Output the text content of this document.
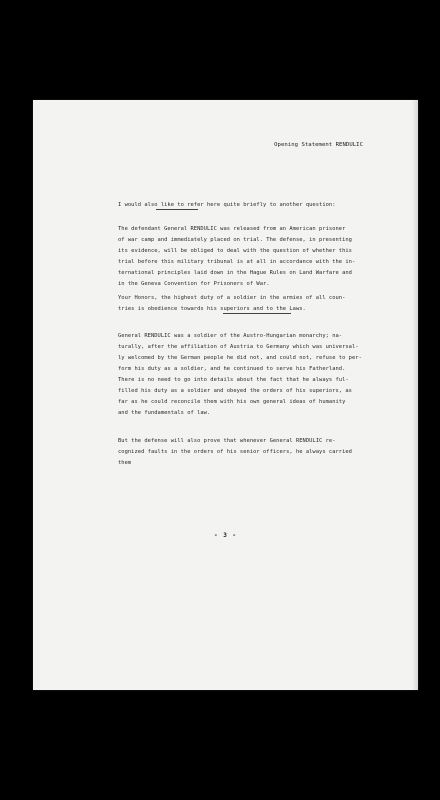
Opening Statement RENDULIC
I would also like to refer here quite briefly to another question:
The defendant General RENDULIC was released from an American prisoner
of war camp and immediately placed on trial. The defense, in presenting
its evidence, will be obliged to deal with the question of whether this
trial before this military tribunal is at all in accordance with the in-
ternational principles laid down in the Hague Rules on Land Warfare and
in the Geneva Convention for Prisoners of War.
Your Honors, the highest duty of a soldier in the armies of all coun-
tries is obedience towards his superiors and to the Laws.
General RENDULIC was a soldier of the Austro-Hungarian monarchy; na-
turally, after the affiliation of Austria to Germany which was universal-
ly welcomed by the German people he did not, and could not, refuse to per-
form his duty as a soldier, and he continued to serve his Fatherland.
There is no need to go into details about the fact that he always ful-
filled his duty as a soldier and obeyed the orders of his superiors, as
far as he could reconcile them with his own general ideas of humanity
and the fundamentals of law.
But the defense will also prove that whenever General RENDULIC re-
cognized faults in the orders of his senior officers, he always carried
them
- 3 -
